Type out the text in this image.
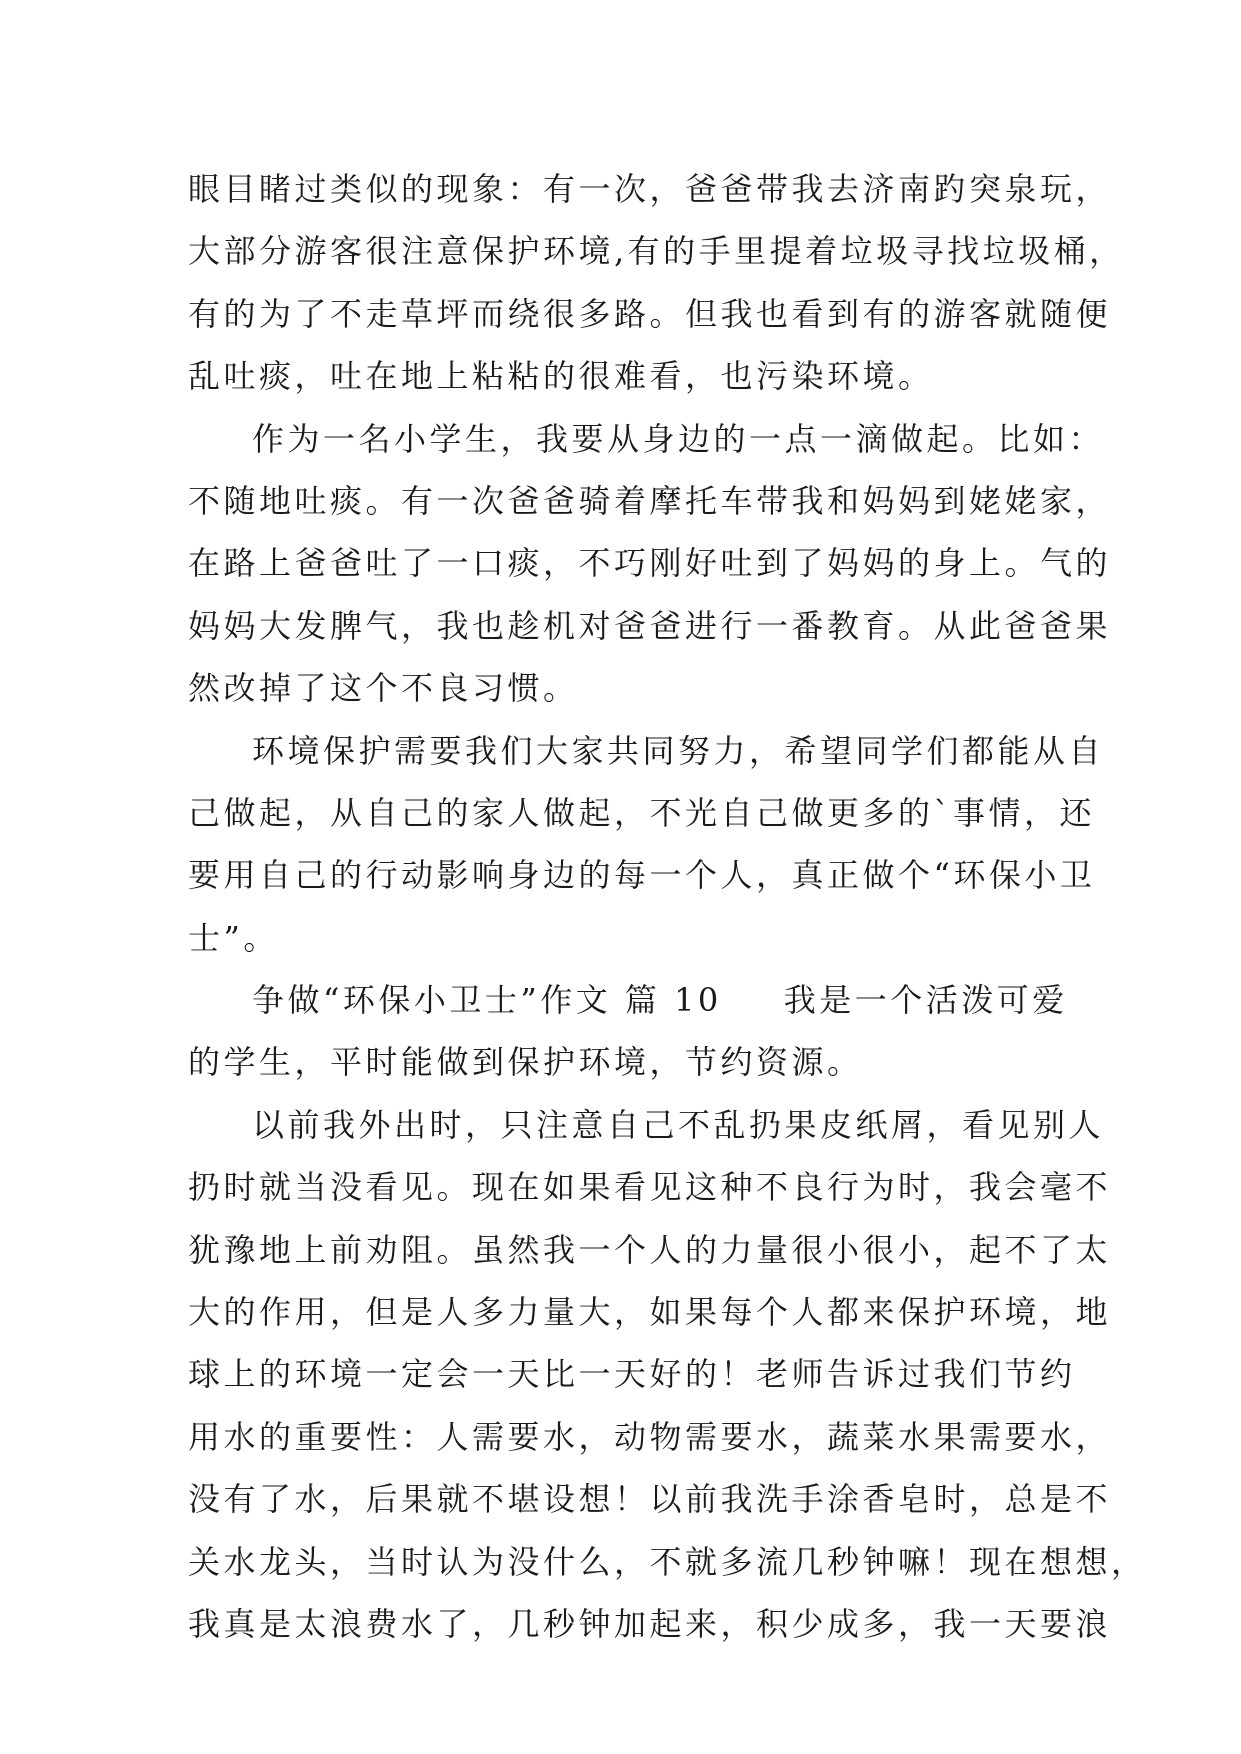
眼目睹过类似的现象：有一次，爸爸带我去济南趵突泉玩，
大部分游客很注意保护环境,有的手里提着垃圾寻找垃圾桶，
有的为了不走草坪而绕很多路。但我也看到有的游客就随便
乱吐痰，吐在地上粘粘的很难看，也污染环境。
作为一名小学生，我要从身边的一点一滴做起。比如：
不随地吐痰。有一次爸爸骑着摩托车带我和妈妈到姥姥家，
在路上爸爸吐了一口痰，不巧刚好吐到了妈妈的身上。气的
妈妈大发脾气，我也趁机对爸爸进行一番教育。从此爸爸果
然改掉了这个不良习惯。
环境保护需要我们大家共同努力，希望同学们都能从自
己做起，从自己的家人做起，不光自己做更多的`事情，还
要用自己的行动影响身边的每一个人，真正做个“环保小卫
士”。
争做“环保小卫士”作文 篇 10 我是一个活泼可爱
的学生，平时能做到保护环境，节约资源。
以前我外出时，只注意自己不乱扔果皮纸屑，看见别人
扔时就当没看见。现在如果看见这种不良行为时，我会毫不
犹豫地上前劝阻。虽然我一个人的力量很小很小，起不了太
大的作用，但是人多力量大，如果每个人都来保护环境，地
球上的环境一定会一天比一天好的！老师告诉过我们节约
用水的重要性：人需要水，动物需要水，蔬菜水果需要水，
没有了水，后果就不堪设想！以前我洗手涂香皂时，总是不
关水龙头，当时认为没什么，不就多流几秒钟嘛！现在想想，
我真是太浪费水了，几秒钟加起来，积少成多，我一天要浪
